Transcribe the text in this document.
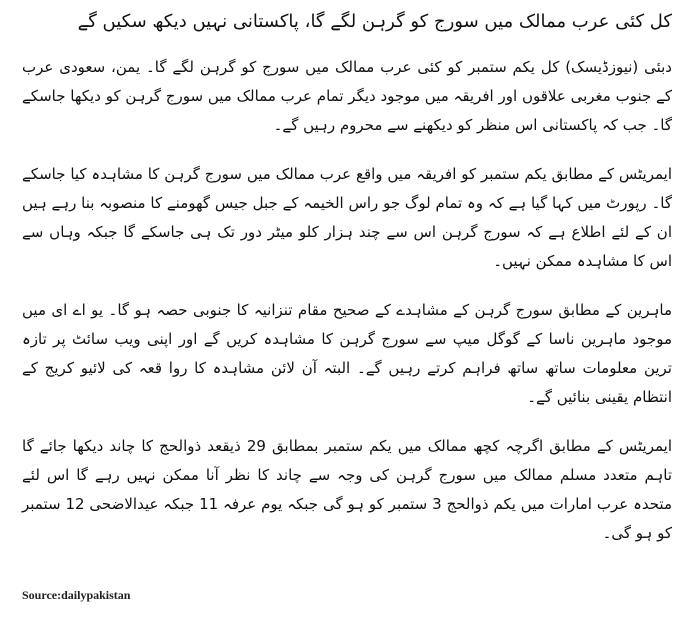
کل کئی عرب ممالک میں سورج کو گرہن لگے گا، پاکستانی نہیں دیکھ سکیں گے

دبئی (نیوزڈیسک) کل یکم ستمبر کو کئی عرب ممالک میں سورج کو گرہن لگے گا۔ یمن، سعودی عرب کے جنوب مغربی علاقوں اور افریقہ میں موجود دیگر تمام عرب ممالک میں سورج گرہن کو دیکھا جاسکے گا۔ جب کہ پاکستانی اس منظر کو دیکھنے سے محروم رہیں گے۔

ایمریٹس کے مطابق یکم ستمبر کو افریقہ میں واقع عرب ممالک میں سورج گرہن کا مشاہدہ کیا جاسکے گا۔ رپورٹ میں کہا گیا ہے کہ وہ تمام لوگ جو راس الخیمہ کے جبل جیس گھومنے کا منصوبہ بنا رہے ہیں ان کے لئے اطلاع ہے کہ سورج گرہن اس سے چند ہزار کلو میٹر دور تک ہی جاسکے گا جبکہ وہاں سے اس کا مشاہدہ ممکن نہیں۔

ماہرین کے مطابق سورج گرہن کے مشاہدے کے صحیح مقام تنزانیہ کا جنوبی حصہ ہو گا۔ یو اے ای میں موجود ماہرین ناسا کے گوگل میپ سے سورج گرہن کا مشاہدہ کریں گے اور اپنی ویب سائٹ پر تازہ ترین معلومات ساتھ ساتھ فراہم کرتے رہیں گے۔ البتہ آن لائن مشاہدہ کا روا قعہ کی لائیو کریج کے انتظام یقینی بنائیں گے۔

ایمریٹس کے مطابق اگرچہ کچھ ممالک میں یکم ستمبر بمطابق 29 ذیقعد ذوالحج کا چاند دیکھا جائے گا تاہم متعدد مسلم ممالک میں سورج گرہن کی وجہ سے چاند کا نظر آنا ممکن نہیں رہے گا اس لئے متحدہ عرب امارات میں یکم ذوالحج 3 ستمبر کو ہو گی جبکہ یوم عرفہ 11 جبکہ عیدالاضحی 12 ستمبر کو ہو گی۔

Source:dailypakistan
